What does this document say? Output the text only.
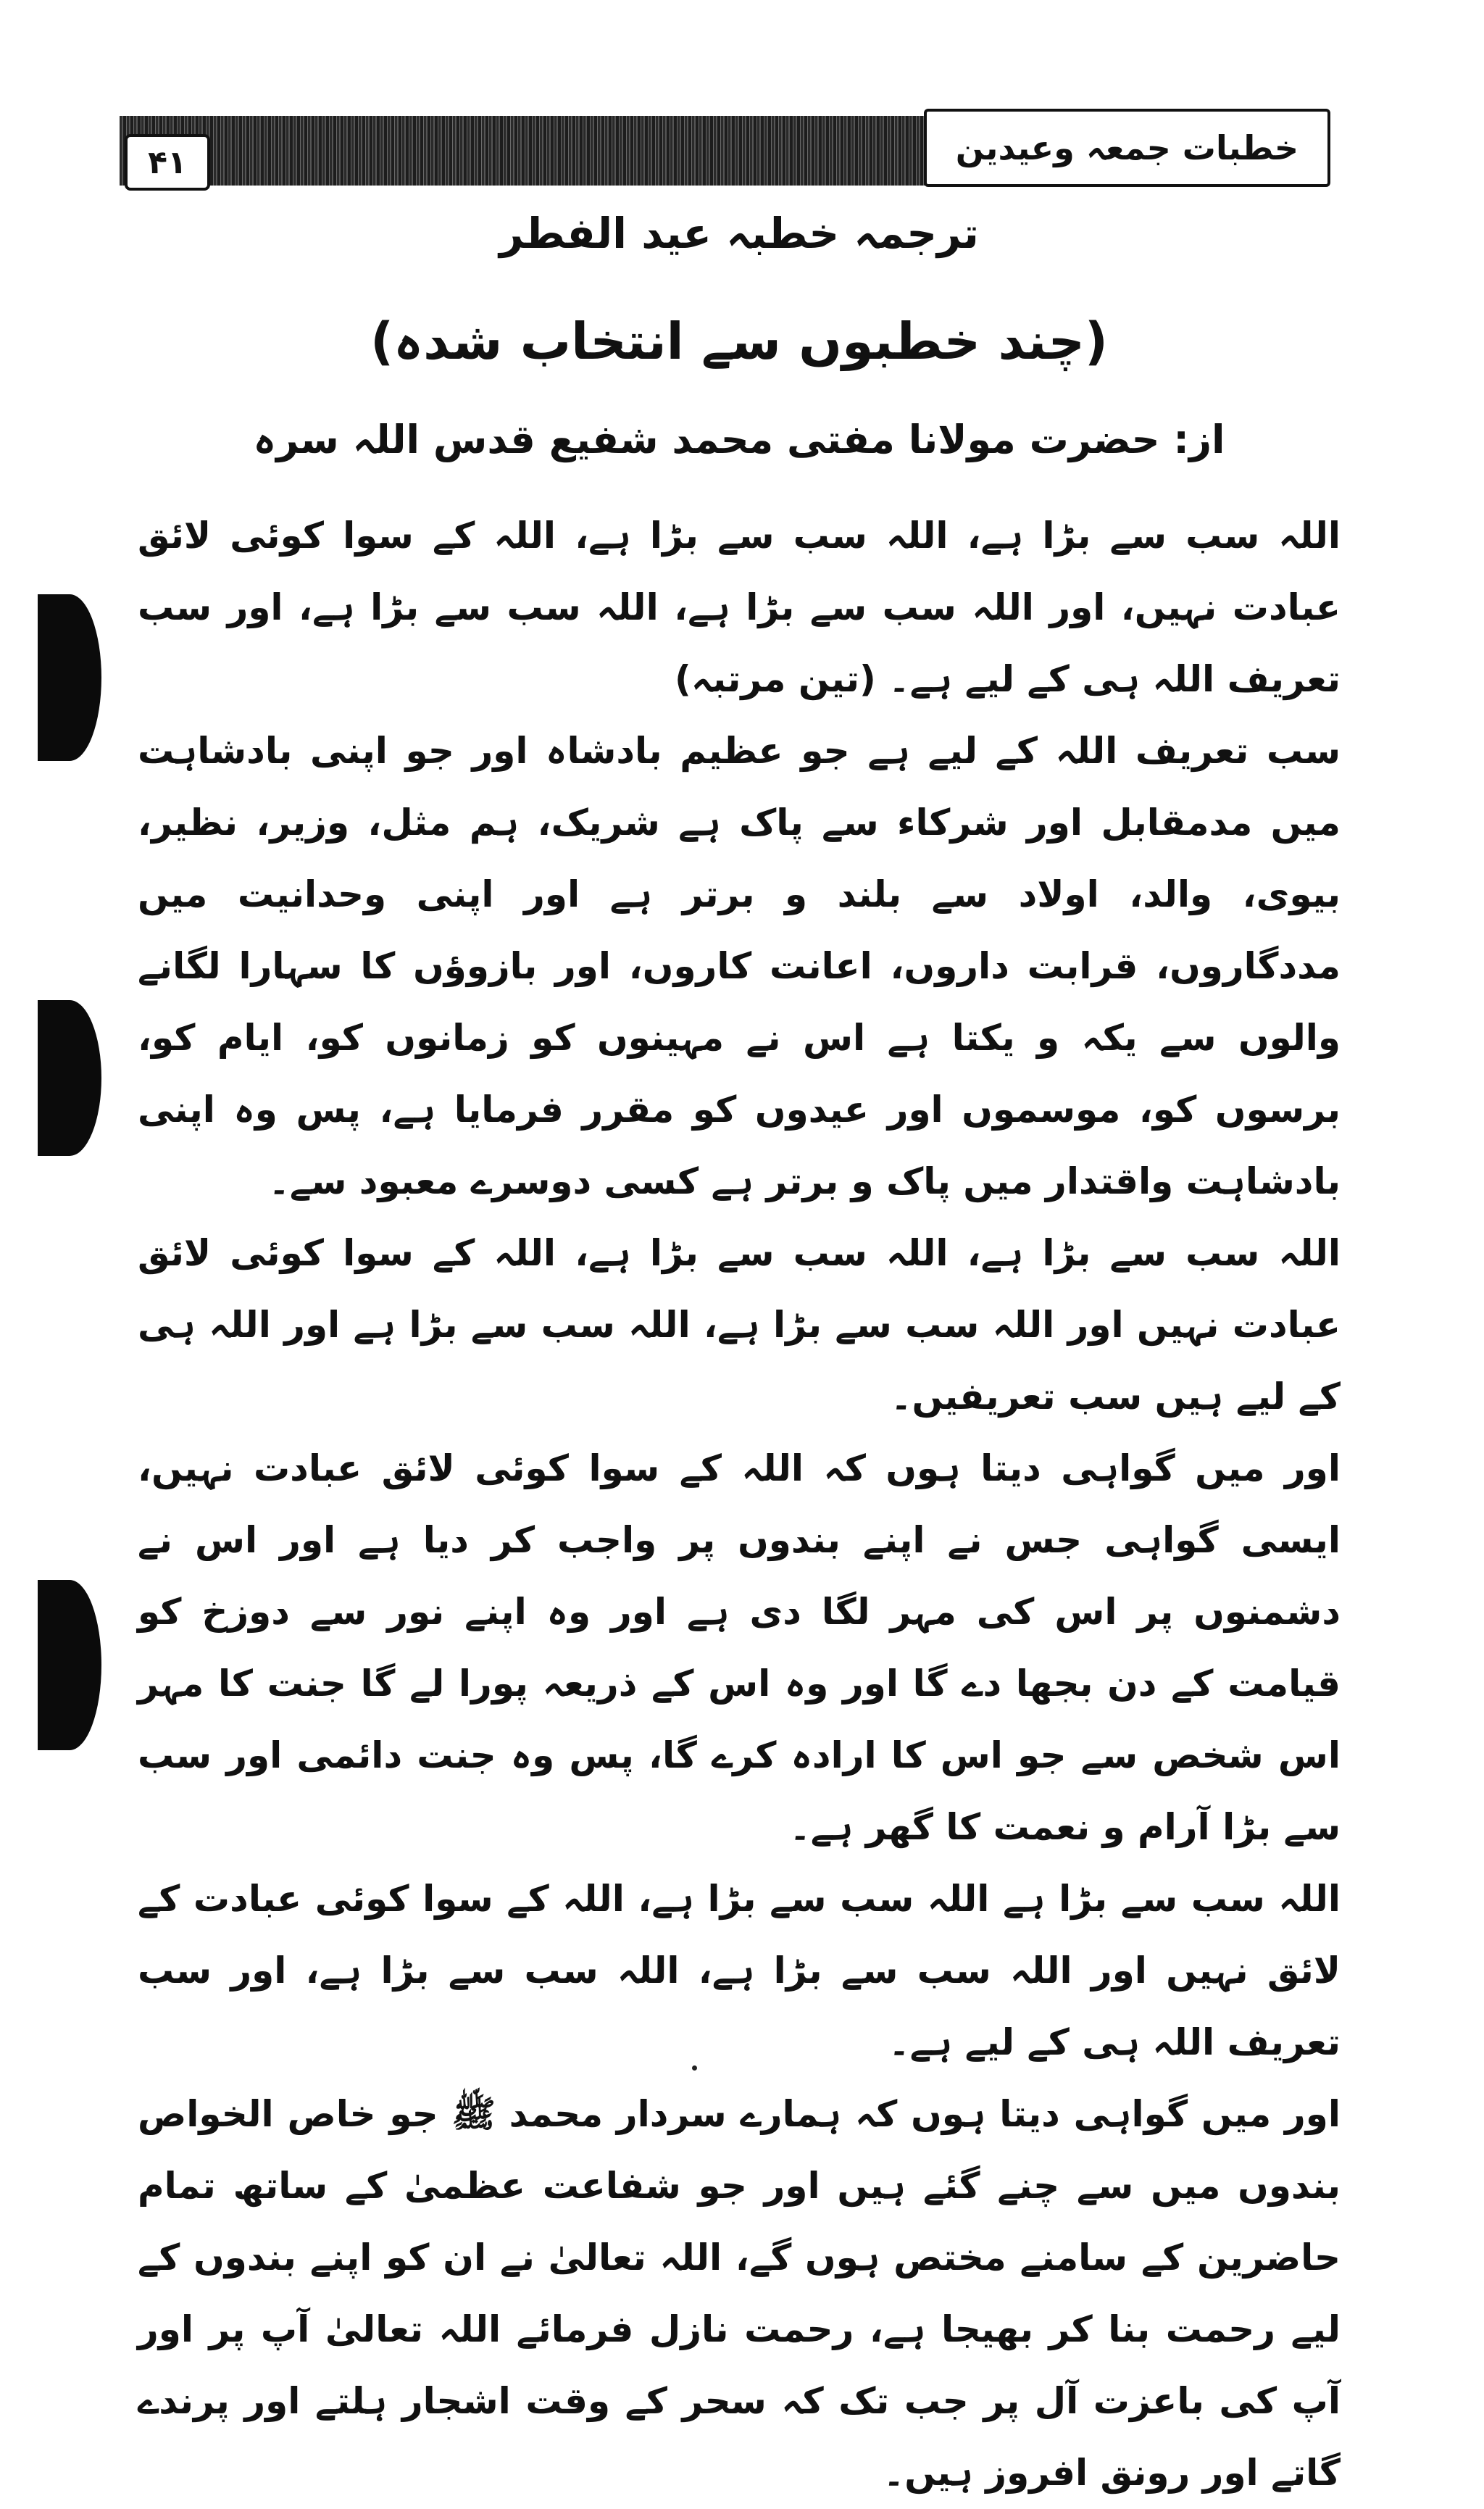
خطبات جمعہ وعیدین
۴۱
ترجمہ خطبہ عید الفطر
(چند خطبوں سے انتخاب شدہ)
از: حضرت مولانا مفتی محمد شفیع قدس اللہ سرہ

اللہ سب سے بڑا ہے، اللہ سب سے بڑا ہے، اللہ کے سوا کوئی لائق عبادت نہیں، اور اللہ سب سے بڑا ہے، اللہ سب سے بڑا ہے، اور سب تعریف اللہ ہی کے لیے ہے۔ (تین مرتبہ)

سب تعریف اللہ کے لیے ہے جو عظیم بادشاہ اور جو اپنی بادشاہت میں مدمقابل اور شرکاء سے پاک ہے شریک، ہم مثل، وزیر، نظیر، بیوی، والد، اولاد سے بلند و برتر ہے اور اپنی وحدانیت میں مددگاروں، قرابت داروں، اعانت کاروں، اور بازوؤں کا سہارا لگانے والوں سے یکہ و یکتا ہے اس نے مہینوں کو زمانوں کو، ایام کو، برسوں کو، موسموں اور عیدوں کو مقرر فرمایا ہے، پس وہ اپنی بادشاہت واقتدار میں پاک و برتر ہے کسی دوسرے معبود سے۔

اللہ سب سے بڑا ہے، اللہ سب سے بڑا ہے، اللہ کے سوا کوئی لائق عبادت نہیں اور اللہ سب سے بڑا ہے، اللہ سب سے بڑا ہے اور اللہ ہی کے لیے ہیں سب تعریفیں۔

اور میں گواہی دیتا ہوں کہ اللہ کے سوا کوئی لائق عبادت نہیں، ایسی گواہی جس نے اپنے بندوں پر واجب کر دیا ہے اور اس نے دشمنوں پر اس کی مہر لگا دی ہے اور وہ اپنے نور سے دوزخ کو قیامت کے دن بجھا دے گا اور وہ اس کے ذریعہ پورا لے گا جنت کا مہر اس شخص سے جو اس کا ارادہ کرے گا، پس وہ جنت دائمی اور سب سے بڑا آرام و نعمت کا گھر ہے۔

اللہ سب سے بڑا ہے اللہ سب سے بڑا ہے، اللہ کے سوا کوئی عبادت کے لائق نہیں اور اللہ سب سے بڑا ہے، اللہ سب سے بڑا ہے، اور سب تعریف اللہ ہی کے لیے ہے۔

اور میں گواہی دیتا ہوں کہ ہمارے سردار محمد ﷺ جو خاص الخواص بندوں میں سے چنے گئے ہیں اور جو شفاعت عظمیٰ کے ساتھ تمام حاضرین کے سامنے مختص ہوں گے، اللہ تعالیٰ نے ان کو اپنے بندوں کے لیے رحمت بنا کر بھیجا ہے، رحمت نازل فرمائے اللہ تعالیٰ آپ پر اور آپ کی باعزت آل پر جب تک کہ سحر کے وقت اشجار ہلتے اور پرندے گاتے اور رونق افروز ہیں۔
